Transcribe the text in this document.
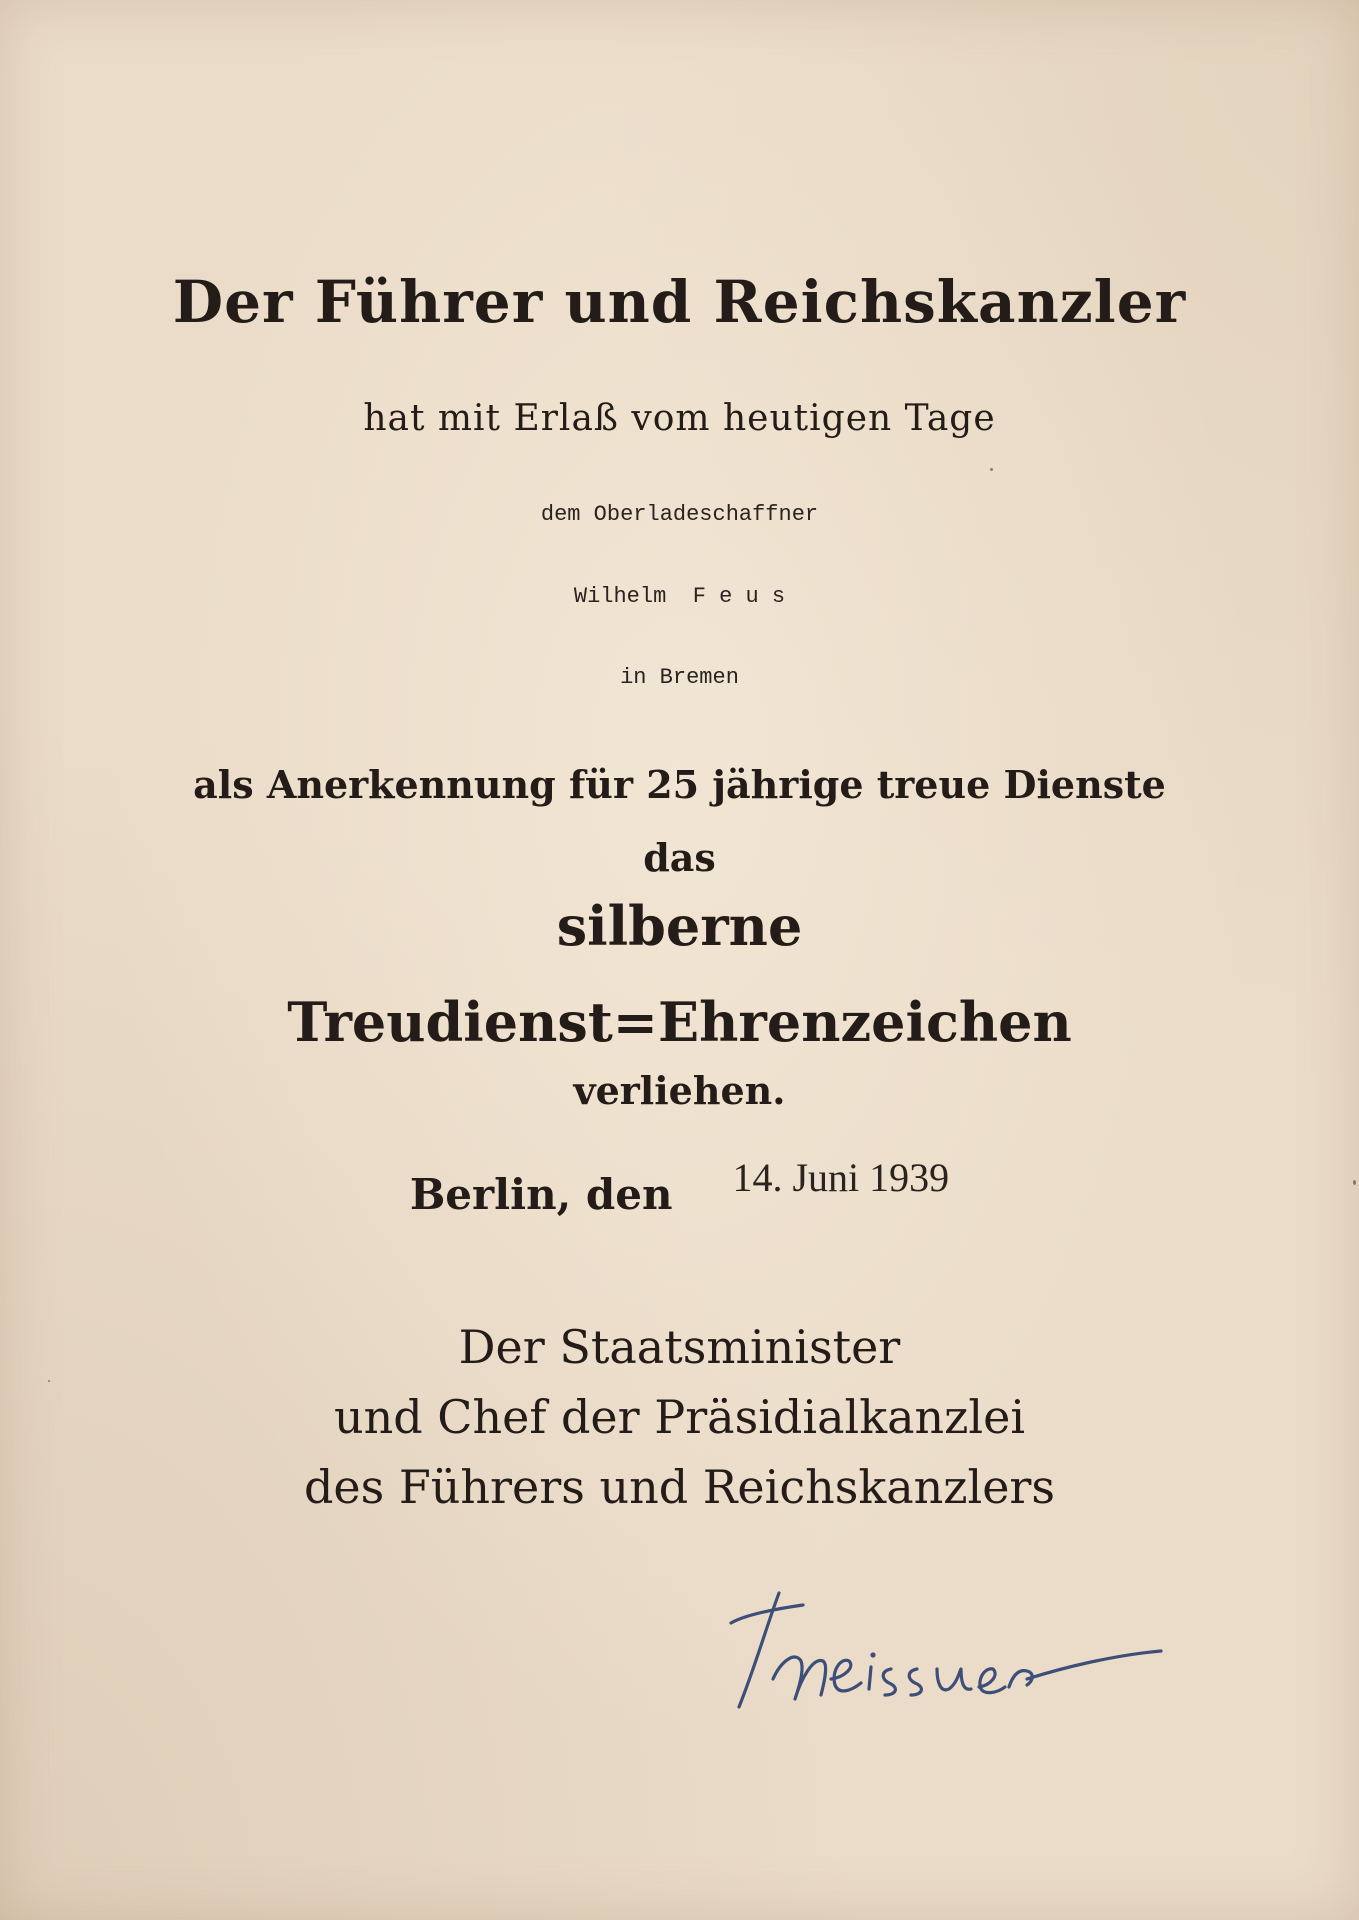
Der Führer und Reichskanzler
hat mit Erlaß vom heutigen Tage
dem Oberladeschaffner
Wilhelm  F e u s
in Bremen
als Anerkennung für 25 jährige treue Dienste
das
silberne
Treudienst=Ehrenzeichen
verliehen.
Berlin, den 14. Juni 1939
Der Staatsminister
und Chef der Präsidialkanzlei
des Führers und Reichskanzlers
